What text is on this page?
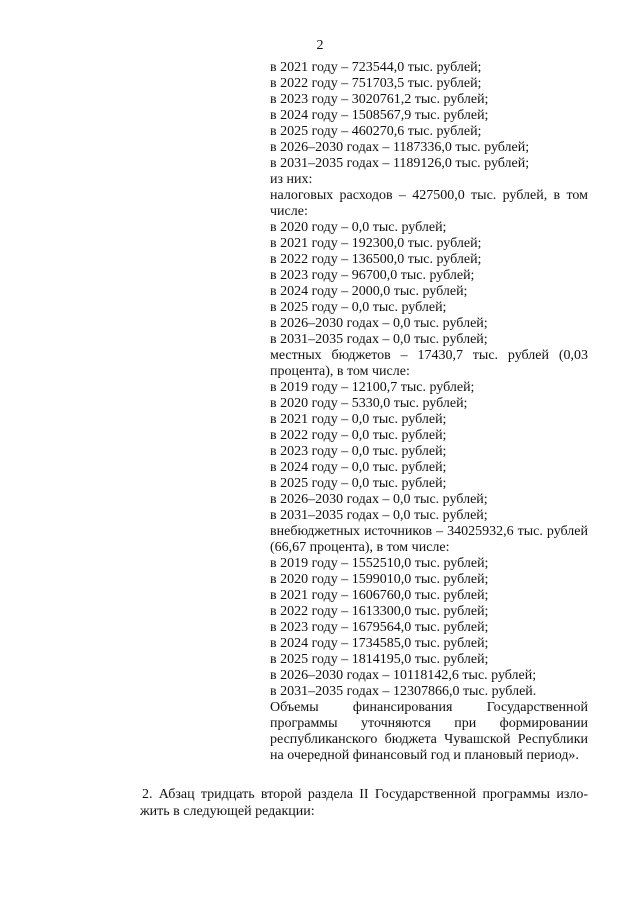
2
в 2021 году – 723544,0 тыс. рублей;
в 2022 году – 751703,5 тыс. рублей;
в 2023 году – 3020761,2 тыс. рублей;
в 2024 году – 1508567,9 тыс. рублей;
в 2025 году – 460270,6 тыс. рублей;
в 2026–2030 годах – 1187336,0 тыс. рублей;
в 2031–2035 годах – 1189126,0 тыс. рублей;
из них:
налоговых расходов – 427500,0 тыс. рублей, в том числе:
в 2020 году – 0,0 тыс. рублей;
в 2021 году – 192300,0 тыс. рублей;
в 2022 году – 136500,0 тыс. рублей;
в 2023 году – 96700,0 тыс. рублей;
в 2024 году – 2000,0 тыс. рублей;
в 2025 году – 0,0 тыс. рублей;
в 2026–2030 годах – 0,0 тыс. рублей;
в 2031–2035 годах – 0,0 тыс. рублей;
местных бюджетов – 17430,7 тыс. рублей (0,03 процента), в том числе:
в 2019 году – 12100,7 тыс. рублей;
в 2020 году – 5330,0 тыс. рублей;
в 2021 году – 0,0 тыс. рублей;
в 2022 году – 0,0 тыс. рублей;
в 2023 году – 0,0 тыс. рублей;
в 2024 году – 0,0 тыс. рублей;
в 2025 году – 0,0 тыс. рублей;
в 2026–2030 годах – 0,0 тыс. рублей;
в 2031–2035 годах – 0,0 тыс. рублей;
внебюджетных источников – 34025932,6 тыс. рублей (66,67 процента), в том числе:
в 2019 году – 1552510,0 тыс. рублей;
в 2020 году – 1599010,0 тыс. рублей;
в 2021 году – 1606760,0 тыс. рублей;
в 2022 году – 1613300,0 тыс. рублей;
в 2023 году – 1679564,0 тыс. рублей;
в 2024 году – 1734585,0 тыс. рублей;
в 2025 году – 1814195,0 тыс. рублей;
в 2026–2030 годах – 10118142,6 тыс. рублей;
в 2031–2035 годах – 12307866,0 тыс. рублей.
Объемы финансирования Государственной программы уточняются при формировании республиканского бюджета Чувашской Республики на очередной финансовый год и плановый период».
2. Абзац тридцать второй раздела II Государственной программы изло-
жить в следующей редакции:
